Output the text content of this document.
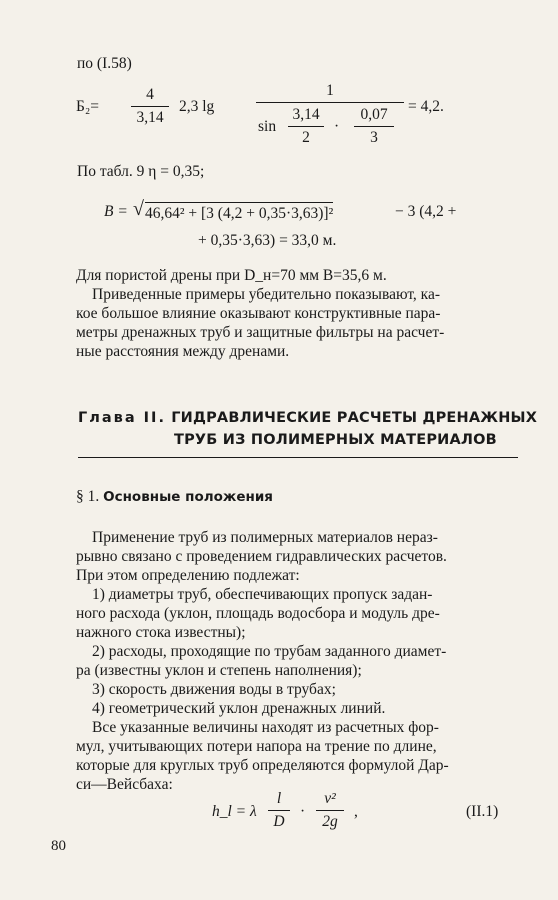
по (I.58)
Б₂=
4
3,14
2,3 lg
1
sin
3,14
2
·
0,07
3
= 4,2.
По табл. 9 η = 0,35;
B = √ 46,64² + [3 (4,2 + 0,35·3,63)]²	− 3 (4,2 +
+ 0,35·3,63) = 33,0 м.
Для пористой дрены при D_н=70 мм B=35,6 м.
Приведенные примеры убедительно показывают, ка-
кое большое влияние оказывают конструктивные пара-
метры дренажных труб и защитные фильтры на расчет-
ные расстояния между дренами.
Глава II. ГИДРАВЛИЧЕСКИЕ РАСЧЕТЫ ДРЕНАЖНЫХ
ТРУБ ИЗ ПОЛИМЕРНЫХ МАТЕРИАЛОВ
§ 1. Основные положения
Применение труб из полимерных материалов нераз-
рывно связано с проведением гидравлических расчетов.
При этом определению подлежат:
1) диаметры труб, обеспечивающих пропуск задан-
ного расхода (уклон, площадь водосбора и модуль дре-
нажного стока известны);
2) расходы, проходящие по трубам заданного диамет-
ра (известны уклон и степень наполнения);
3) скорость движения воды в трубах;
4) геометрический уклон дренажных линий.
Все указанные величины находят из расчетных фор-
мул, учитывающих потери напора на трение по длине,
которые для круглых труб определяются формулой Дар-
си—Вейсбаха:
h_l = λ
l
D
·
v²
2g
,	(II.1)
80
